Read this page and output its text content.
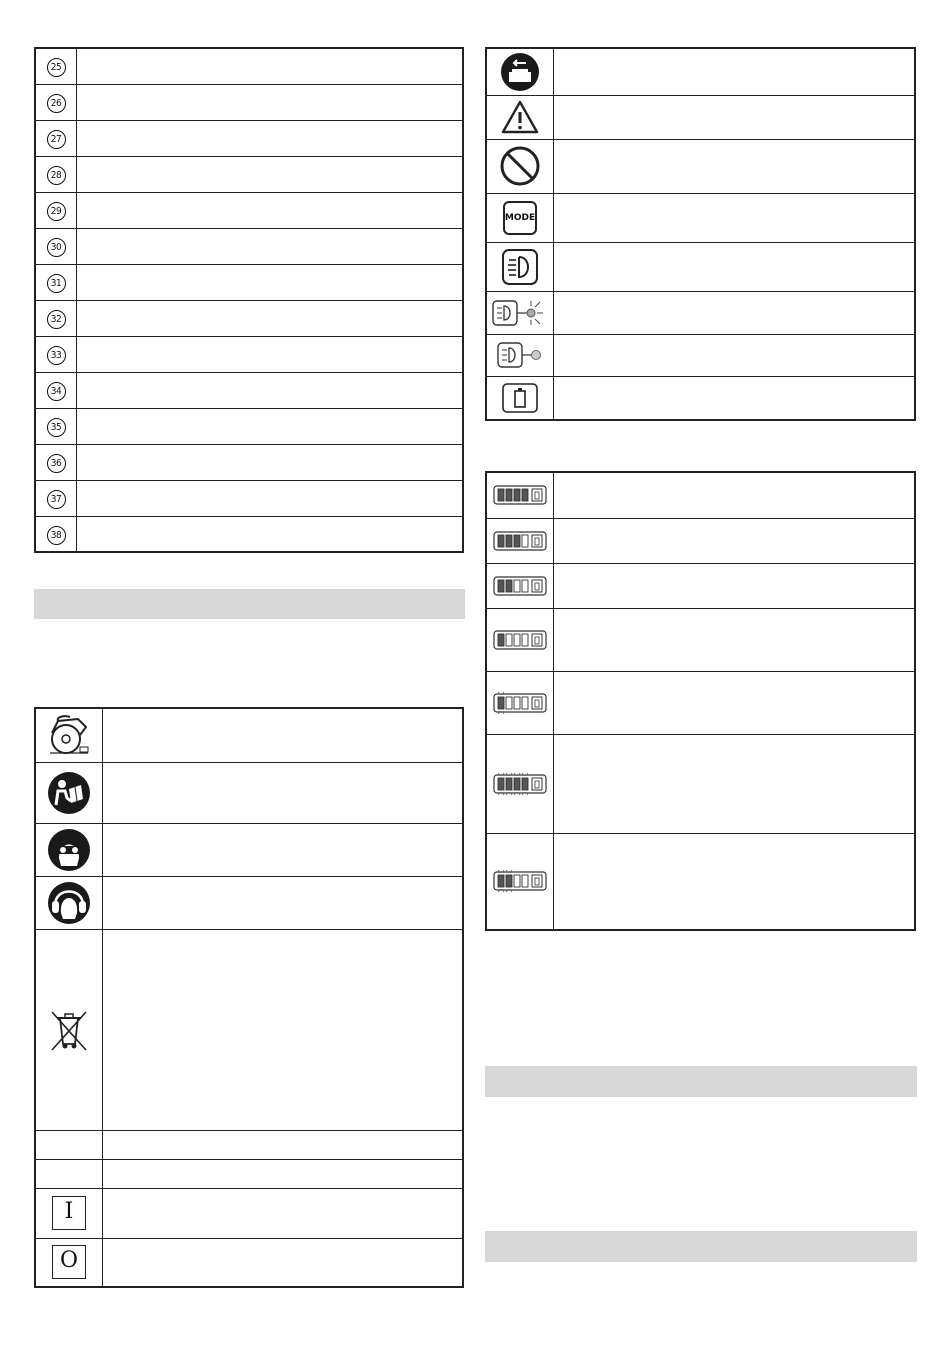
25	
26	
27	
28	
29	
30	
31	
32	
33	
34	
35	
36	
37	
38	

I	
O	

MODE	
